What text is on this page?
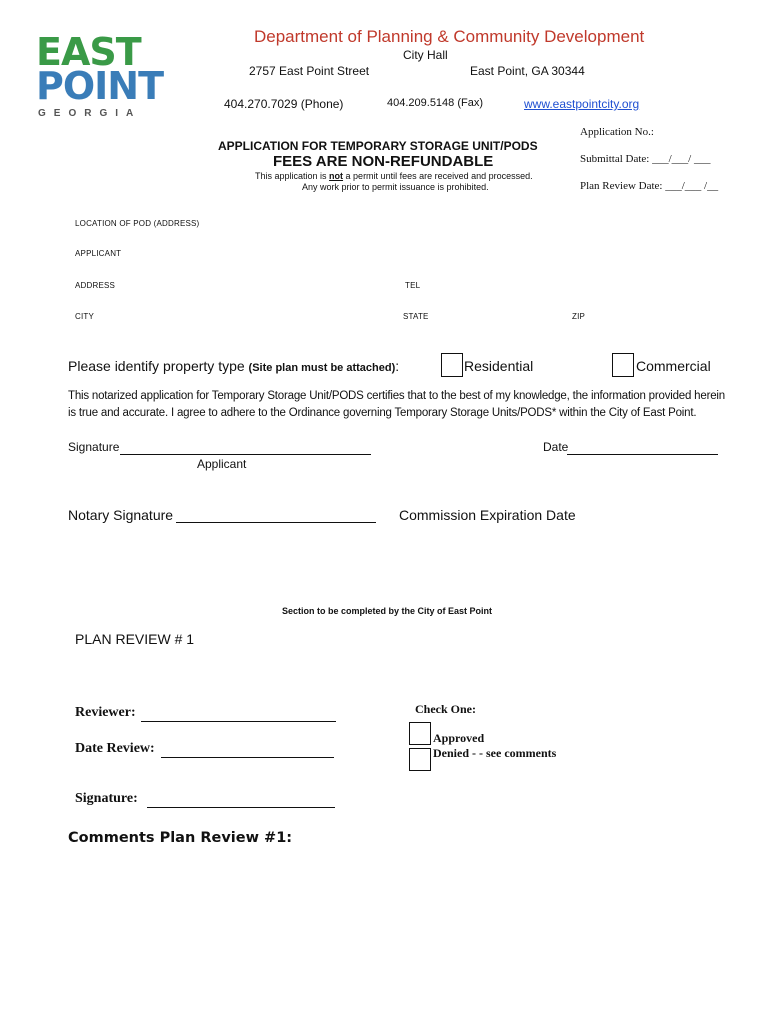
EAST
POINT
GEORGIA
Department of Planning & Community Development
City Hall
2757 East Point Street	East Point, GA 30344
404.270.7029 (Phone)	404.209.5148 (Fax)	www.eastpointcity.org
APPLICATION FOR TEMPORARY STORAGE UNIT/PODS
FEES ARE NON-REFUNDABLE
This application is not a permit until fees are received and processed.
Any work prior to permit issuance is prohibited.
Application No.:
Submittal Date: ___/___/ ___
Plan Review Date: ___/___ /__
LOCATION OF POD (ADDRESS)
APPLICANT
ADDRESS	TEL
CITY	STATE	ZIP
Please identify property type (Site plan must be attached):	Residential	Commercial
This notarized application for Temporary Storage Unit/PODS certifies that to the best of my knowledge, the information provided herein
is true and accurate. I agree to adhere to the Ordinance governing Temporary Storage Units/PODS* within the City of East Point.
Signature
Applicant
Date
Notary Signature	Commission Expiration Date
Section to be completed by the City of East Point
PLAN REVIEW # 1
Reviewer:
Date Review:
Signature:
Check One:
Approved
Denied - - see comments
Comments Plan Review #1:
